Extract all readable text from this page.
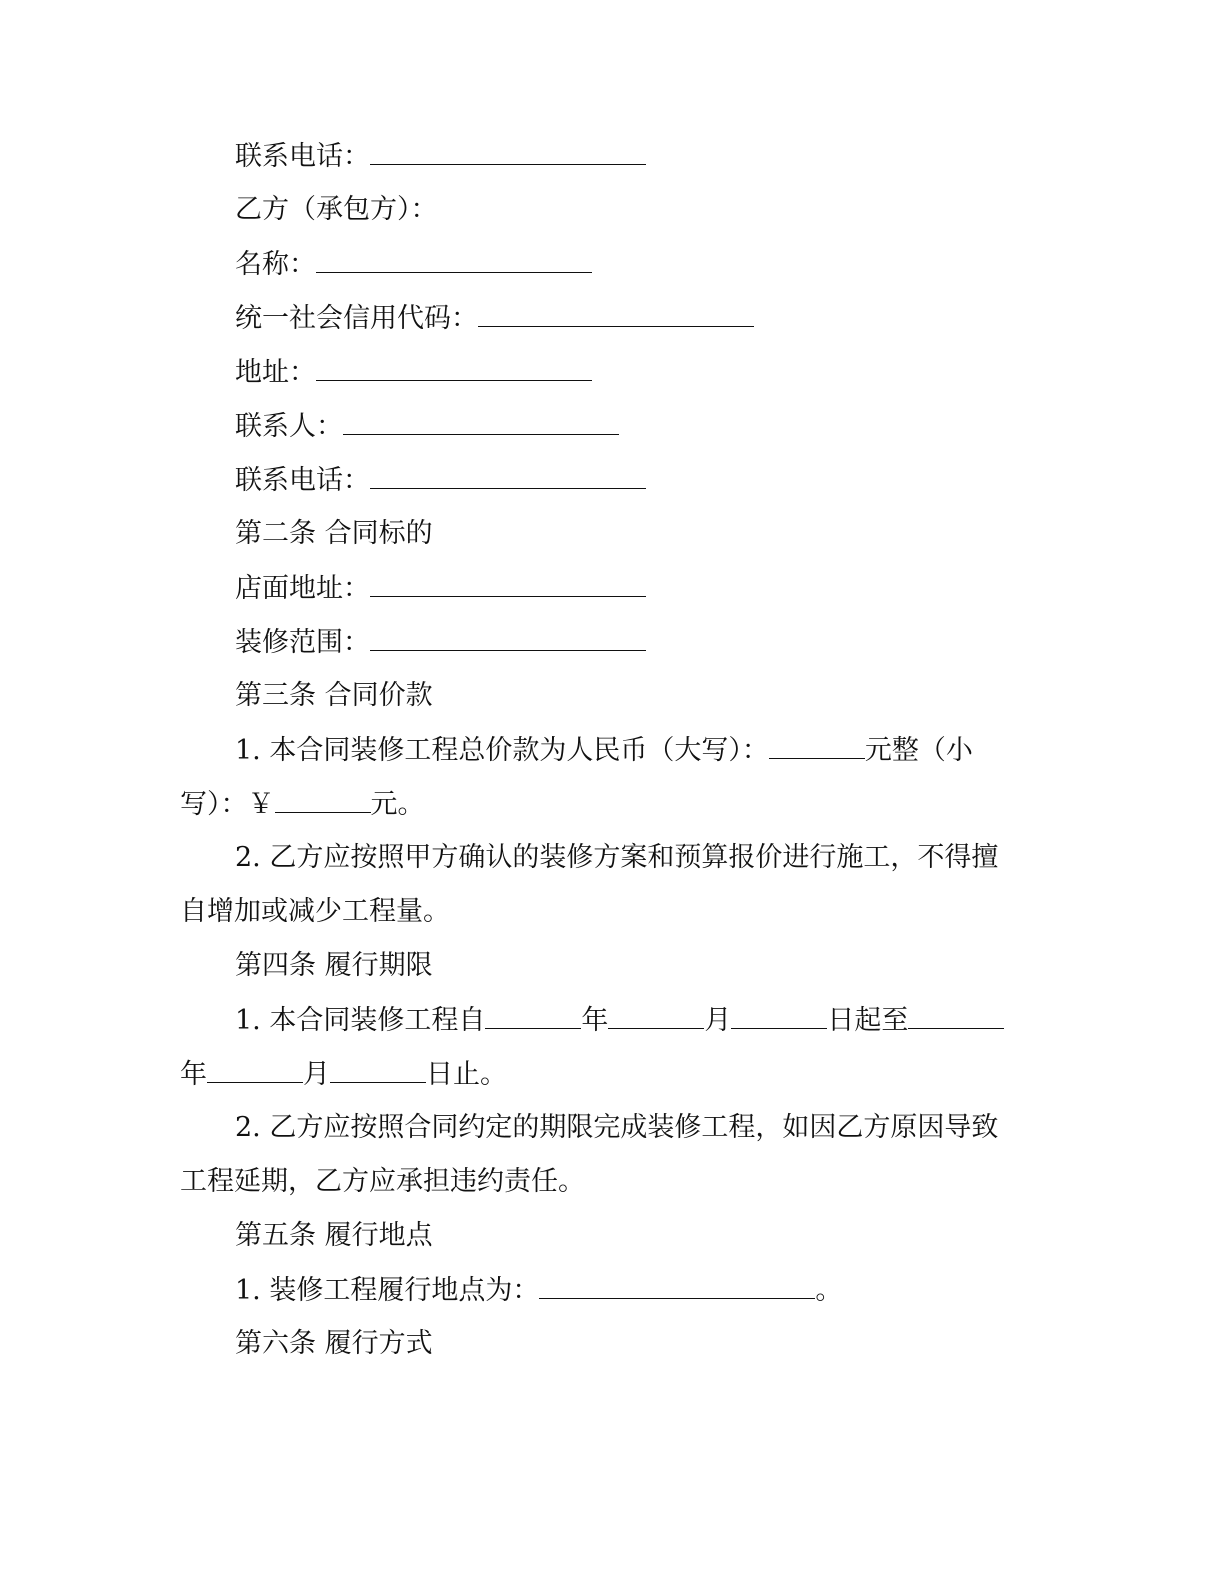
联系电话：
乙方（承包方）：
名称：
统一社会信用代码：
地址：
联系人：
联系电话：
第二条 合同标的
店面地址：
装修范围：
第三条 合同价款
1. 本合同装修工程总价款为人民币（大写）：	元整（小
写）：￥	元。
2. 乙方应按照甲方确认的装修方案和预算报价进行施工，不得擅
自增加或减少工程量。
第四条 履行期限
1. 本合同装修工程自	年	月	日起至
年	月	日止。
2. 乙方应按照合同约定的期限完成装修工程，如因乙方原因导致
工程延期，乙方应承担违约责任。
第五条 履行地点
1. 装修工程履行地点为：	。
第六条 履行方式
